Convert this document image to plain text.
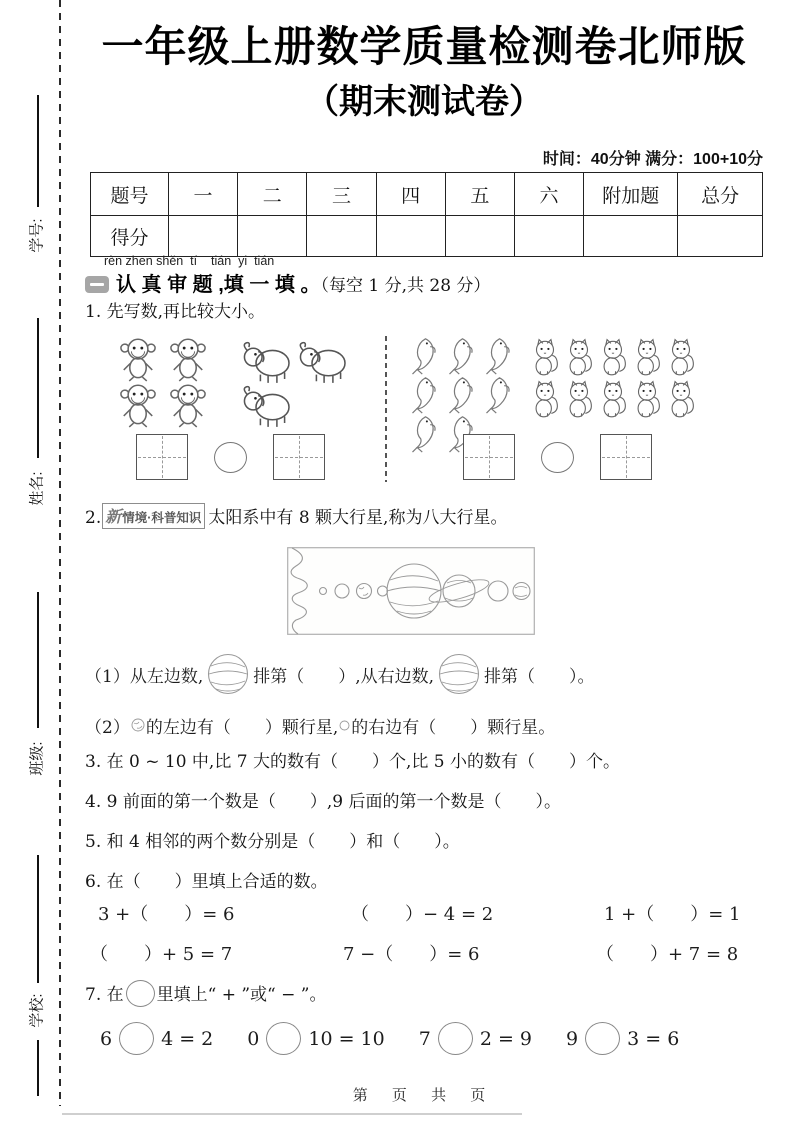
学号:
姓名:
班级:
学校:
一年级上册数学质量检测卷北师版
（期末测试卷）
时间：40分钟 满分：100+10分
题号	一	二	三	四	五	六	附加题	总分
得分								
rèn zhēn shěn  tí    tián  yi  tián
认 真 审 题 ,填 一 填 。（每空 1 分,共 28 分）
1. 先写数,再比较大小。
2. 新情境·科普知识 太阳系中有 8 颗大行星,称为八大行星。
（1）从左边数,	排第（　　）,从右边数,	排第（　　）。
（2） 的左边有（　　）颗行星, 的右边有（　　）颗行星。
3. 在 0 ~ 10 中,比 7 大的数有（　　）个,比 5 小的数有（　　）个。
4. 9 前面的第一个数是（　　）,9 后面的第一个数是（　　）。
5. 和 4 相邻的两个数分别是（　　）和（　　）。
6. 在（　　）里填上合适的数。
3 +（　　）= 6	（　　）− 4 = 2	1 +（　　）= 1
（　　）+ 5 = 7	7 −（　　）= 6	（　　）+ 7 = 8
7. 在 里填上“ + ”或“ − ”。
6	4 = 2 0	10 = 10 7	2 = 9 9	3 = 6
第 页 共 页
